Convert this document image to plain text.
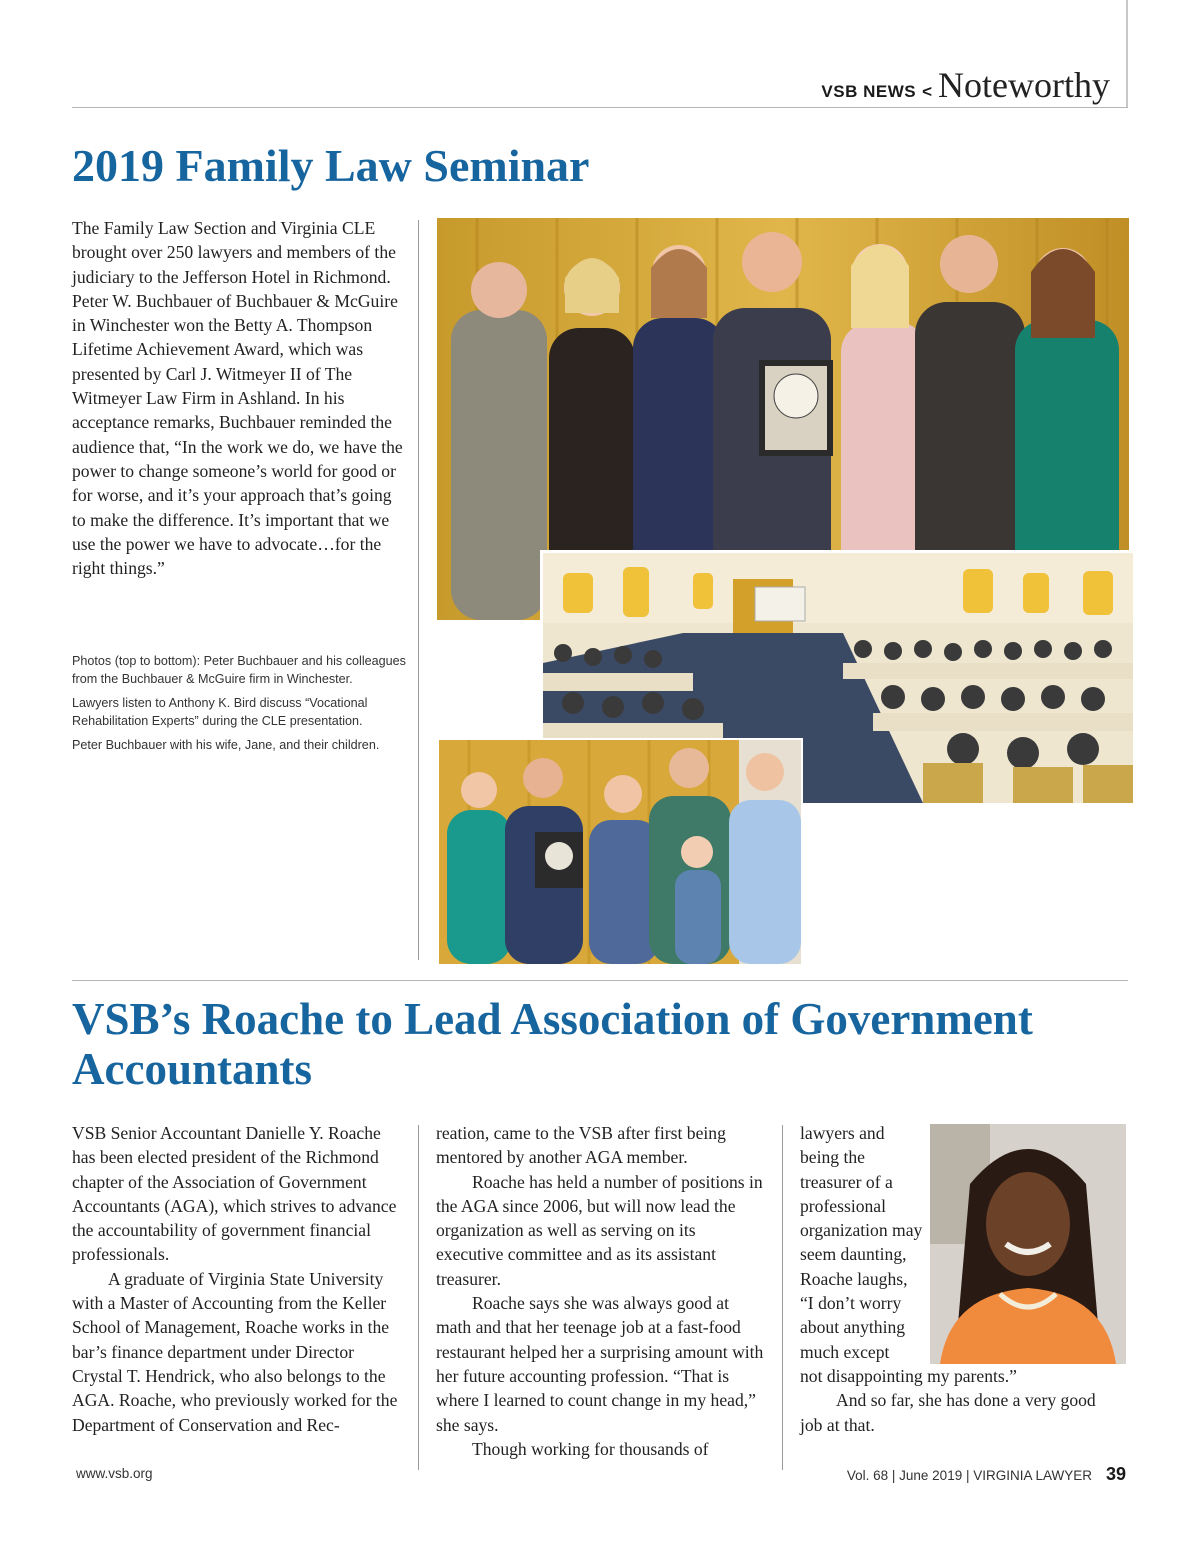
VSB NEWS < Noteworthy
2019 Family Law Seminar

The Family Law Section and Virginia CLE brought over 250 lawyers and members of the judiciary to the Jefferson Hotel in Richmond. Peter W. Buchbauer of Buchbauer & McGuire in Winchester won the Betty A. Thompson Lifetime Achievement Award, which was presented by Carl J. Witmeyer II of The Witmeyer Law Firm in Ashland. In his acceptance remarks, Buchbauer reminded the audience that, “In the work we do, we have the power to change someone’s world for good or for worse, and it’s your approach that’s going to make the difference. It’s important that we use the power we have to advocate…for the right things.”

Photos (top to bottom): Peter Buchbauer and his colleagues from the Buchbauer & McGuire firm in Winchester.

Lawyers listen to Anthony K. Bird discuss “Vocational Rehabilitation Experts” during the CLE presentation.

Peter Buchbauer with his wife, Jane, and their children.

VSB’s Roache to Lead Association of Government Accountants

VSB Senior Accountant Danielle Y. Roache has been elected president of the Richmond chapter of the Association of Government Accountants (AGA), which strives to advance the accountability of government financial professionals.

A graduate of Virginia State University with a Master of Accounting from the Keller School of Management, Roache works in the bar’s finance department under Director Crystal T. Hendrick, who also belongs to the AGA. Roache, who previously worked for the Department of Conservation and Rec-

reation, came to the VSB after first being mentored by another AGA member.

Roache has held a number of positions in the AGA since 2006, but will now lead the organization as well as serving on its executive committee and as its assistant treasurer.

Roache says she was always good at math and that her teenage job at a fast-food restaurant helped her a surprising amount with her future accounting profession. “That is where I learned to count change in my head,” she says.

Though working for thousands of

lawyers and being the treasurer of a professional organization may seem daunting, Roache laughs, “I don’t worry about anything much except

not disappointing my parents.”

And so far, she has done a very good job at that.

www.vsb.org	Vol. 68 | June 2019 | VIRGINIA LAWYER 39
